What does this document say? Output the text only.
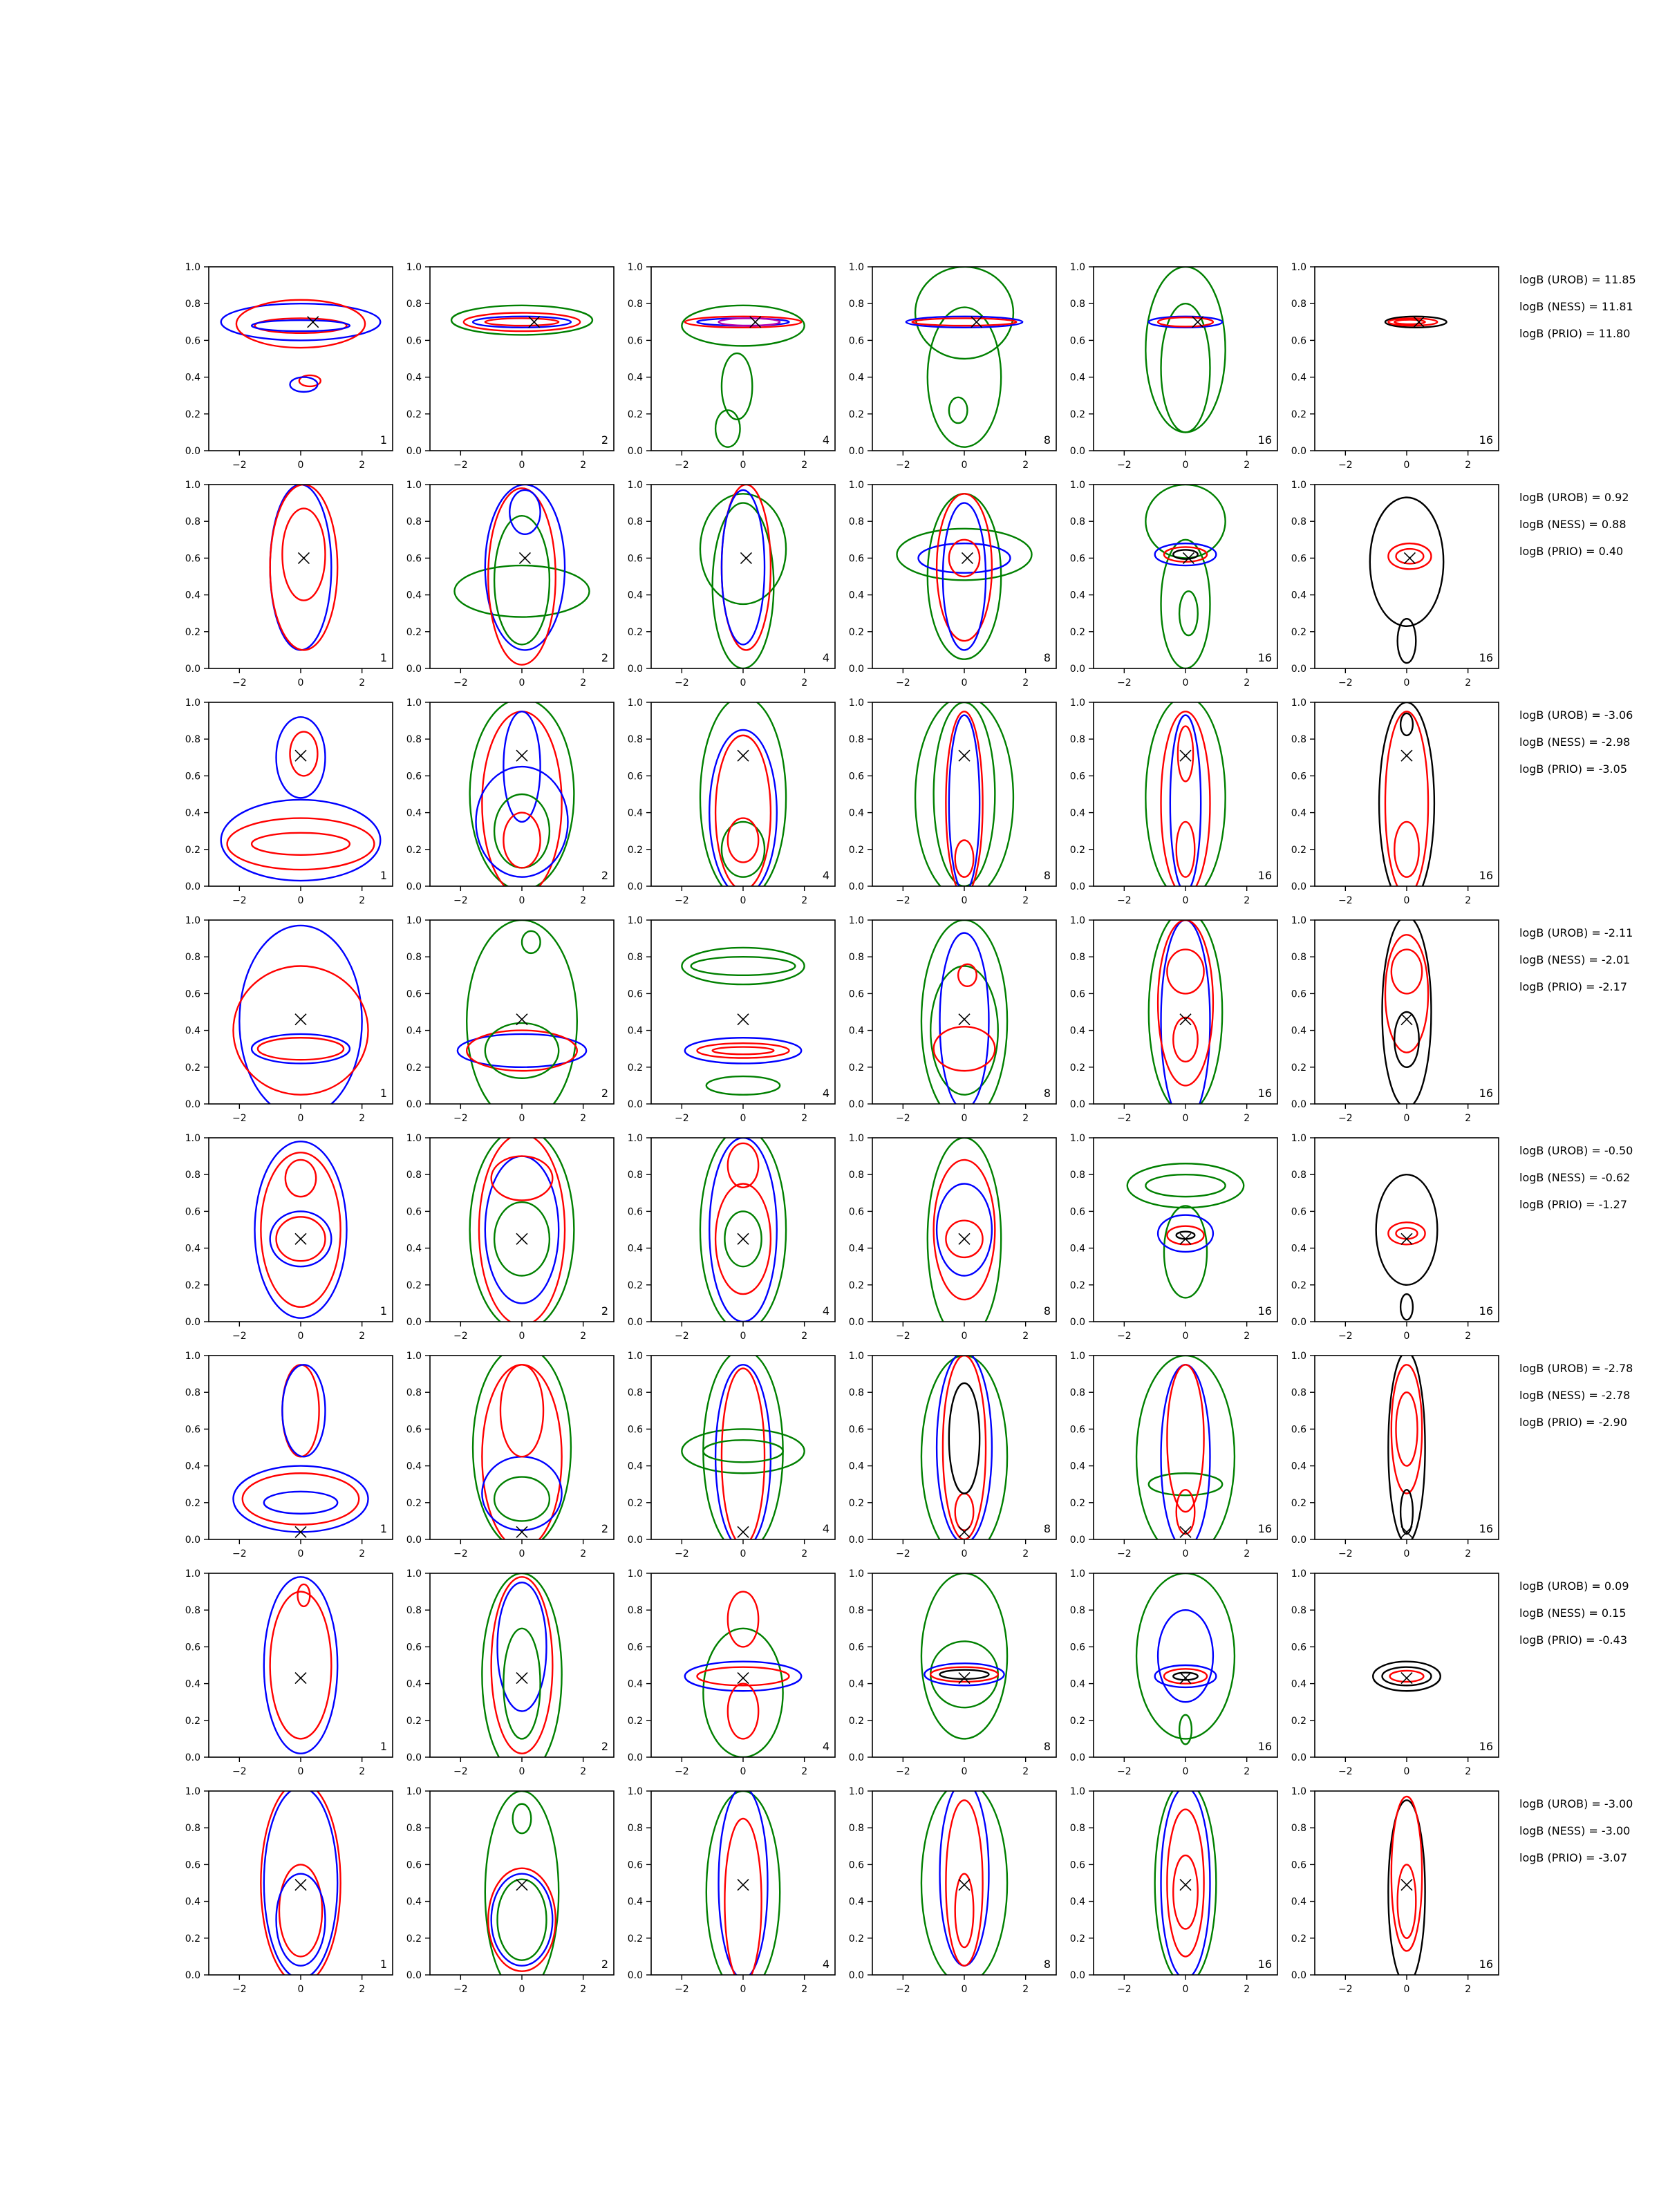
−2	0	2
0.0
0.2
0.4
0.6
0.8
1.0
1
−2	0	2
0.0
0.2
0.4
0.6
0.8
1.0
2
−2	0	2
0.0
0.2
0.4
0.6
0.8
1.0
4
−2	0	2
0.0
0.2
0.4
0.6
0.8
1.0
8
−2	0	2
0.0
0.2
0.4
0.6
0.8
1.0
16
−2	0	2
0.0
0.2
0.4
0.6
0.8
1.0
16
logB (UROB) = 11.85
logB (NESS) = 11.81
logB (PRIO) = 11.80
−2	0	2
0.0
0.2
0.4
0.6
0.8
1.0
1
−2	0	2
0.0
0.2
0.4
0.6
0.8
1.0
2
−2	0	2
0.0
0.2
0.4
0.6
0.8
1.0
4
−2	0	2
0.0
0.2
0.4
0.6
0.8
1.0
8
−2	0	2
0.0
0.2
0.4
0.6
0.8
1.0
16
−2	0	2
0.0
0.2
0.4
0.6
0.8
1.0
16
logB (UROB) = 0.92
logB (NESS) = 0.88
logB (PRIO) = 0.40
−2	0	2
0.0
0.2
0.4
0.6
0.8
1.0
1
−2	0	2
0.0
0.2
0.4
0.6
0.8
1.0
2
−2	0	2
0.0
0.2
0.4
0.6
0.8
1.0
4
−2	0	2
0.0
0.2
0.4
0.6
0.8
1.0
8
−2	0	2
0.0
0.2
0.4
0.6
0.8
1.0
16
−2	0	2
0.0
0.2
0.4
0.6
0.8
1.0
16
logB (UROB) = -3.06
logB (NESS) = -2.98
logB (PRIO) = -3.05
−2	0	2
0.0
0.2
0.4
0.6
0.8
1.0
1
−2	0	2
0.0
0.2
0.4
0.6
0.8
1.0
2
−2	0	2
0.0
0.2
0.4
0.6
0.8
1.0
4
−2	0	2
0.0
0.2
0.4
0.6
0.8
1.0
8
−2	0	2
0.0
0.2
0.4
0.6
0.8
1.0
16
−2	0	2
0.0
0.2
0.4
0.6
0.8
1.0
16
logB (UROB) = -2.11
logB (NESS) = -2.01
logB (PRIO) = -2.17
−2	0	2
0.0
0.2
0.4
0.6
0.8
1.0
1
−2	0	2
0.0
0.2
0.4
0.6
0.8
1.0
2
−2	0	2
0.0
0.2
0.4
0.6
0.8
1.0
4
−2	0	2
0.0
0.2
0.4
0.6
0.8
1.0
8
−2	0	2
0.0
0.2
0.4
0.6
0.8
1.0
16
−2	0	2
0.0
0.2
0.4
0.6
0.8
1.0
16
logB (UROB) = -0.50
logB (NESS) = -0.62
logB (PRIO) = -1.27
−2	0	2
0.0
0.2
0.4
0.6
0.8
1.0
1
−2	0	2
0.0
0.2
0.4
0.6
0.8
1.0
2
−2	0	2
0.0
0.2
0.4
0.6
0.8
1.0
4
−2	0	2
0.0
0.2
0.4
0.6
0.8
1.0
8
−2	0	2
0.0
0.2
0.4
0.6
0.8
1.0
16
−2	0	2
0.0
0.2
0.4
0.6
0.8
1.0
16
logB (UROB) = -2.78
logB (NESS) = -2.78
logB (PRIO) = -2.90
−2	0	2
0.0
0.2
0.4
0.6
0.8
1.0
1
−2	0	2
0.0
0.2
0.4
0.6
0.8
1.0
2
−2	0	2
0.0
0.2
0.4
0.6
0.8
1.0
4
−2	0	2
0.0
0.2
0.4
0.6
0.8
1.0
8
−2	0	2
0.0
0.2
0.4
0.6
0.8
1.0
16
−2	0	2
0.0
0.2
0.4
0.6
0.8
1.0
16
logB (UROB) = 0.09
logB (NESS) = 0.15
logB (PRIO) = -0.43
−2	0	2
0.0
0.2
0.4
0.6
0.8
1.0
1
−2	0	2
0.0
0.2
0.4
0.6
0.8
1.0
2
−2	0	2
0.0
0.2
0.4
0.6
0.8
1.0
4
−2	0	2
0.0
0.2
0.4
0.6
0.8
1.0
8
−2	0	2
0.0
0.2
0.4
0.6
0.8
1.0
16
−2	0	2
0.0
0.2
0.4
0.6
0.8
1.0
16
logB (UROB) = -3.00
logB (NESS) = -3.00
logB (PRIO) = -3.07
